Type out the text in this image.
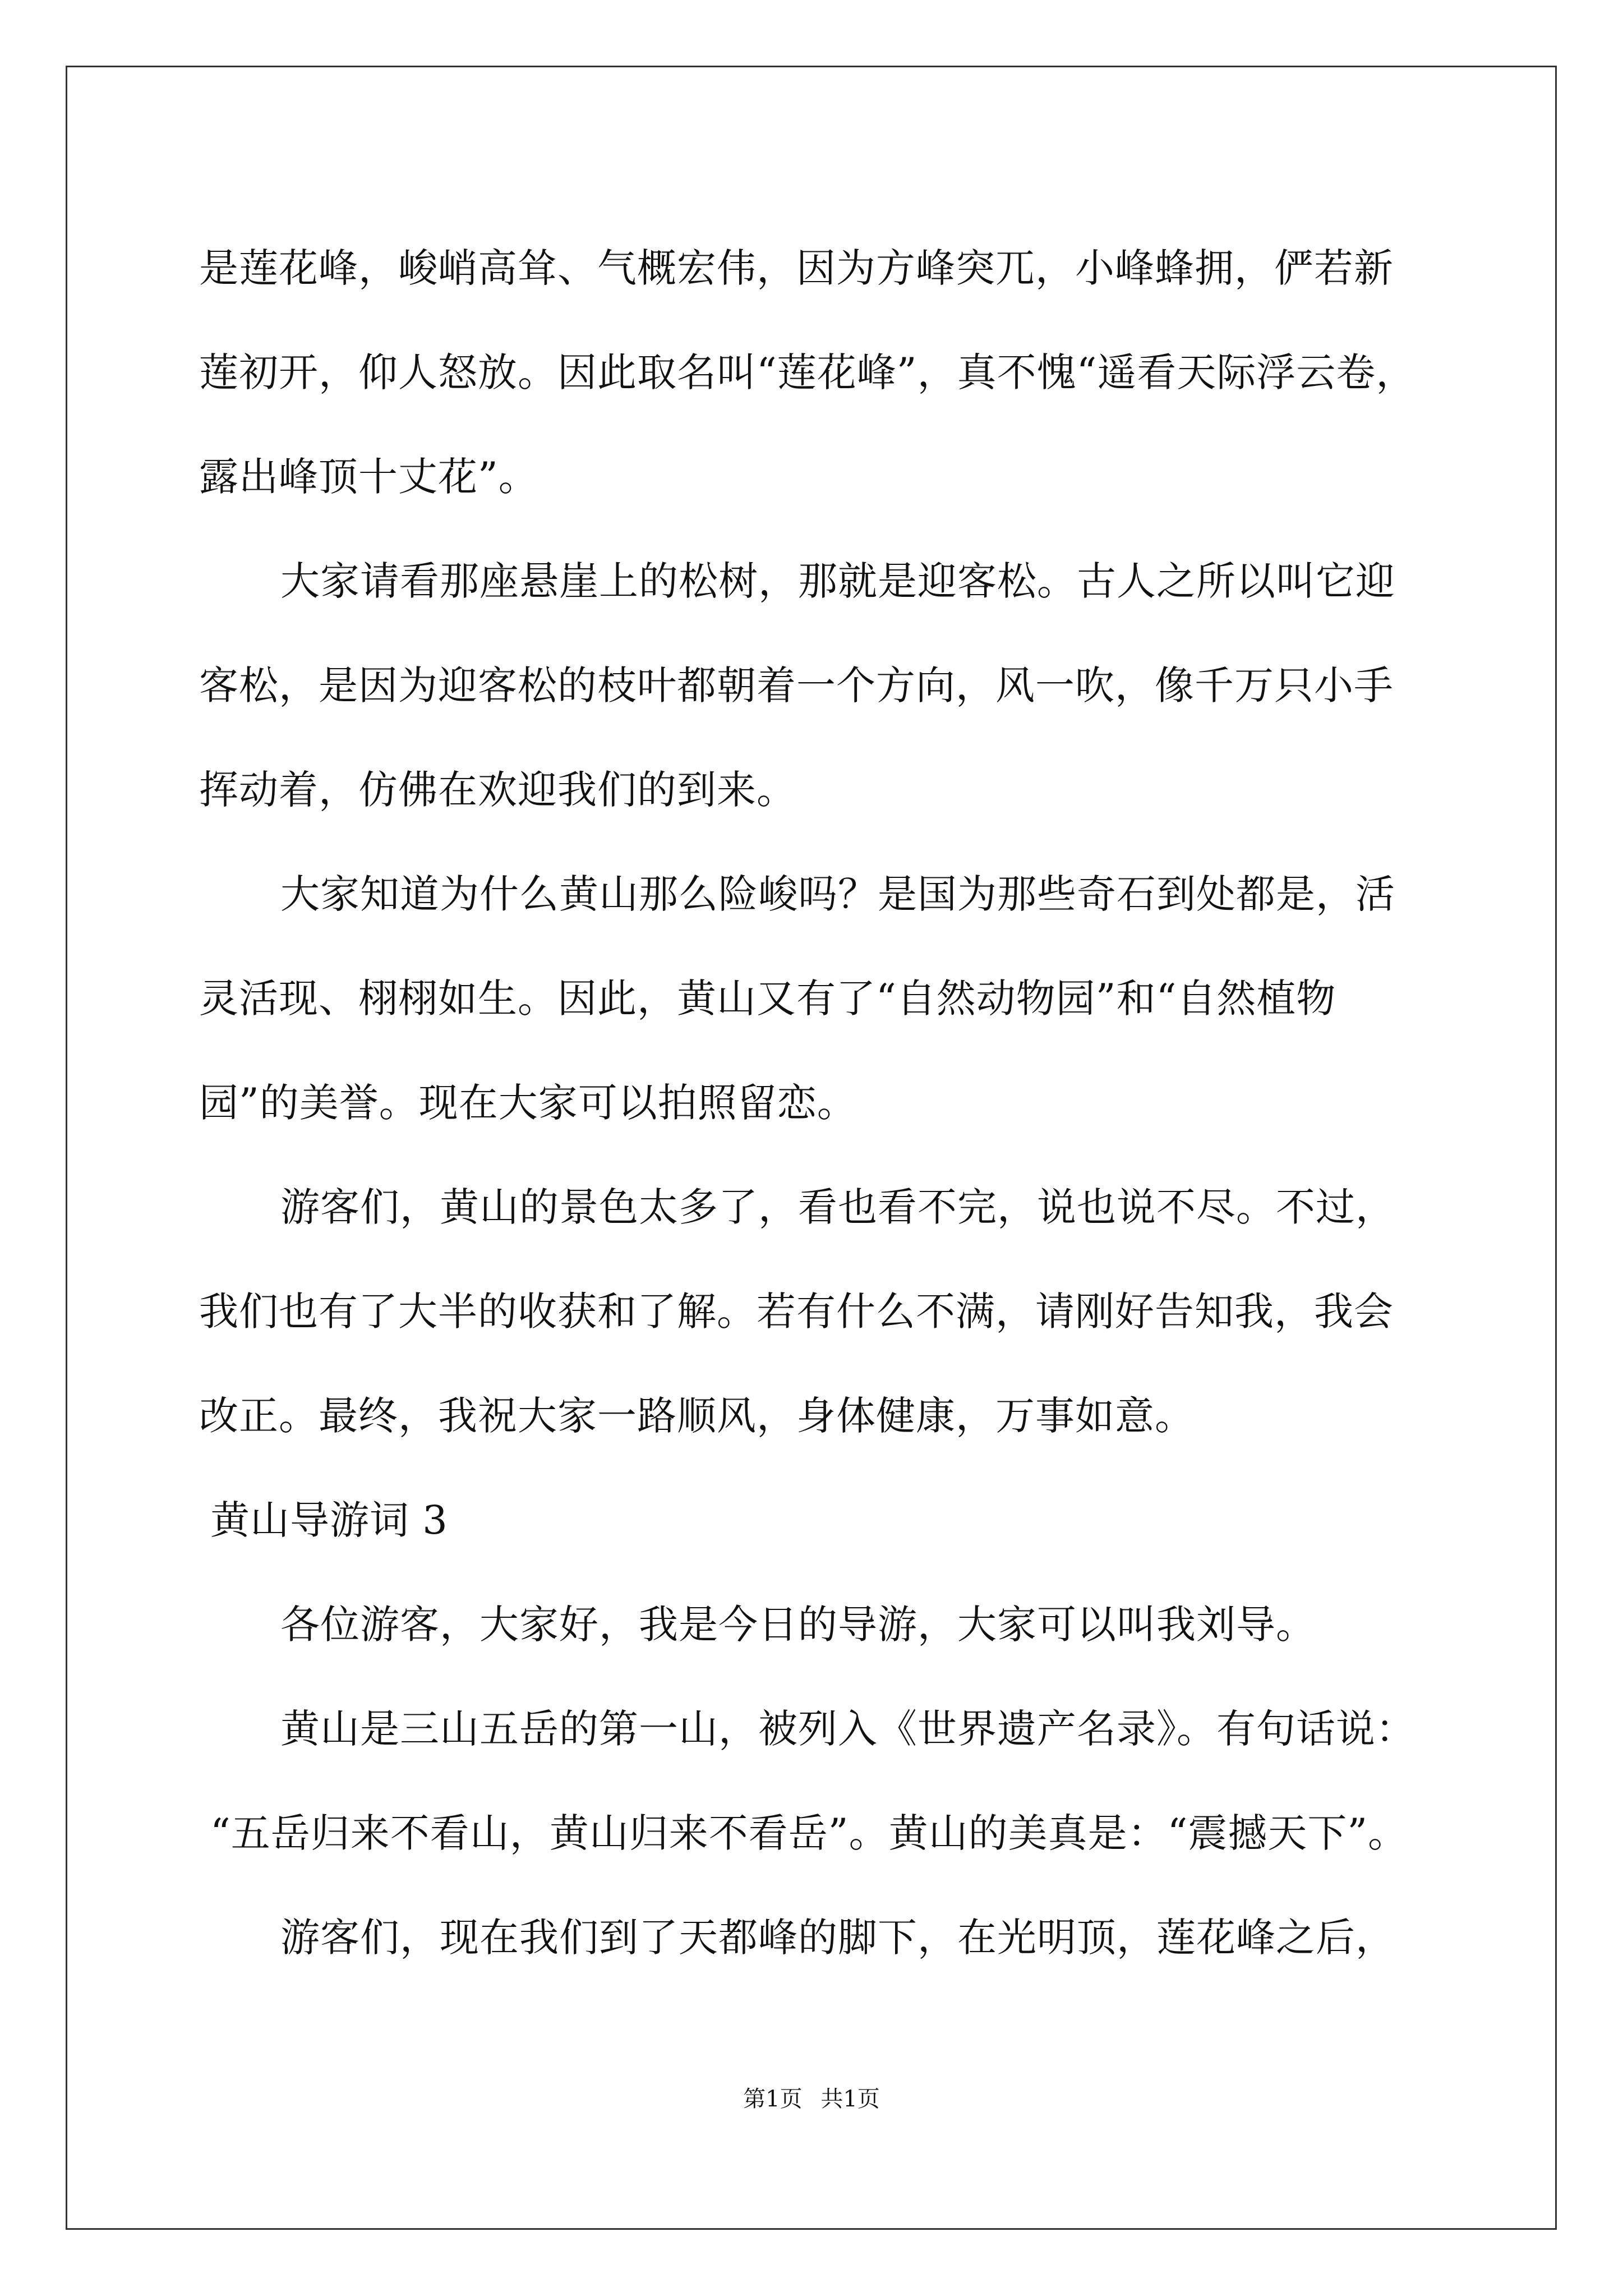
是莲花峰，峻峭高耸、气概宏伟，因为方峰突兀，小峰蜂拥，俨若新
莲初开，仰人怒放。因此取名叫“莲花峰”，真不愧“遥看天际浮云卷，
露出峰顶十丈花”。
大家请看那座悬崖上的松树，那就是迎客松。古人之所以叫它迎
客松，是因为迎客松的枝叶都朝着一个方向，风一吹，像千万只小手
挥动着，仿佛在欢迎我们的到来。
大家知道为什么黄山那么险峻吗？是国为那些奇石到处都是，活
灵活现、栩栩如生。因此，黄山又有了“自然动物园”和“自然植物
园”的美誉。现在大家可以拍照留恋。
游客们，黄山的景色太多了，看也看不完，说也说不尽。不过，
我们也有了大半的收获和了解。若有什么不满，请刚好告知我，我会
改正。最终，我祝大家一路顺风，身体健康，万事如意。
黄山导游词 3
各位游客，大家好，我是今日的导游，大家可以叫我刘导。
黄山是三山五岳的第一山，被列入《世界遗产名录》。有句话说：
“五岳归来不看山，黄山归来不看岳”。黄山的美真是：“震撼天下”。
游客们，现在我们到了天都峰的脚下，在光明顶，莲花峰之后，
第1页 共1页
